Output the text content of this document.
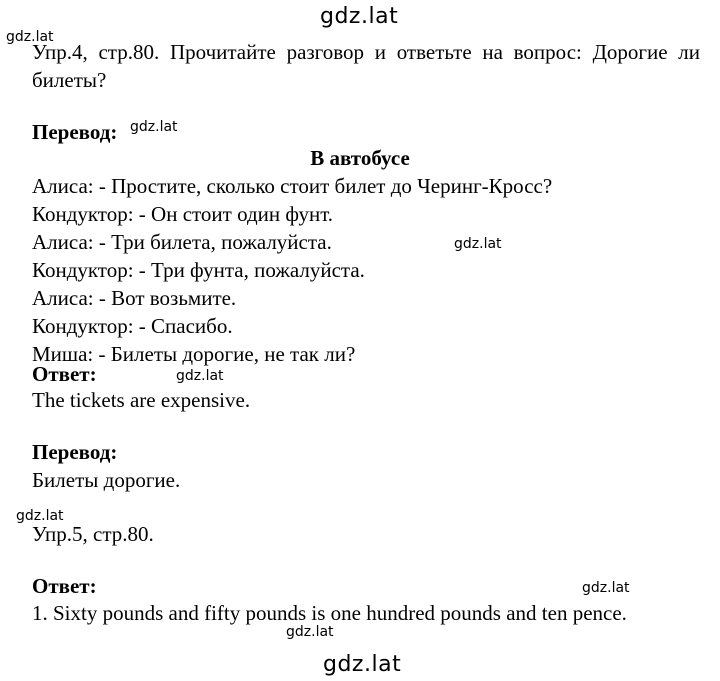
gdz.lat
gdz.lat
gdz.lat
gdz.lat
gdz.lat
gdz.lat
gdz.lat
gdz.lat
gdz.lat
Упр.4, стр.80. Прочитайте разговор и ответьте на вопрос: Дорогие ли
билеты?
Перевод:
В автобусе
Алиса: - Простите, сколько стоит билет до Черинг-Кросс?
Кондуктор: - Он стоит один фунт.
Алиса: - Три билета, пожалуйста.
Кондуктор: - Три фунта, пожалуйста.
Алиса: - Вот возьмите.
Кондуктор: - Спасибо.
Миша: - Билеты дорогие, не так ли?
Ответ:
The tickets are expensive.
Перевод:
Билеты дорогие.
Упр.5, стр.80.
Ответ:
1. Sixty pounds and fifty pounds is one hundred pounds and ten pence.
